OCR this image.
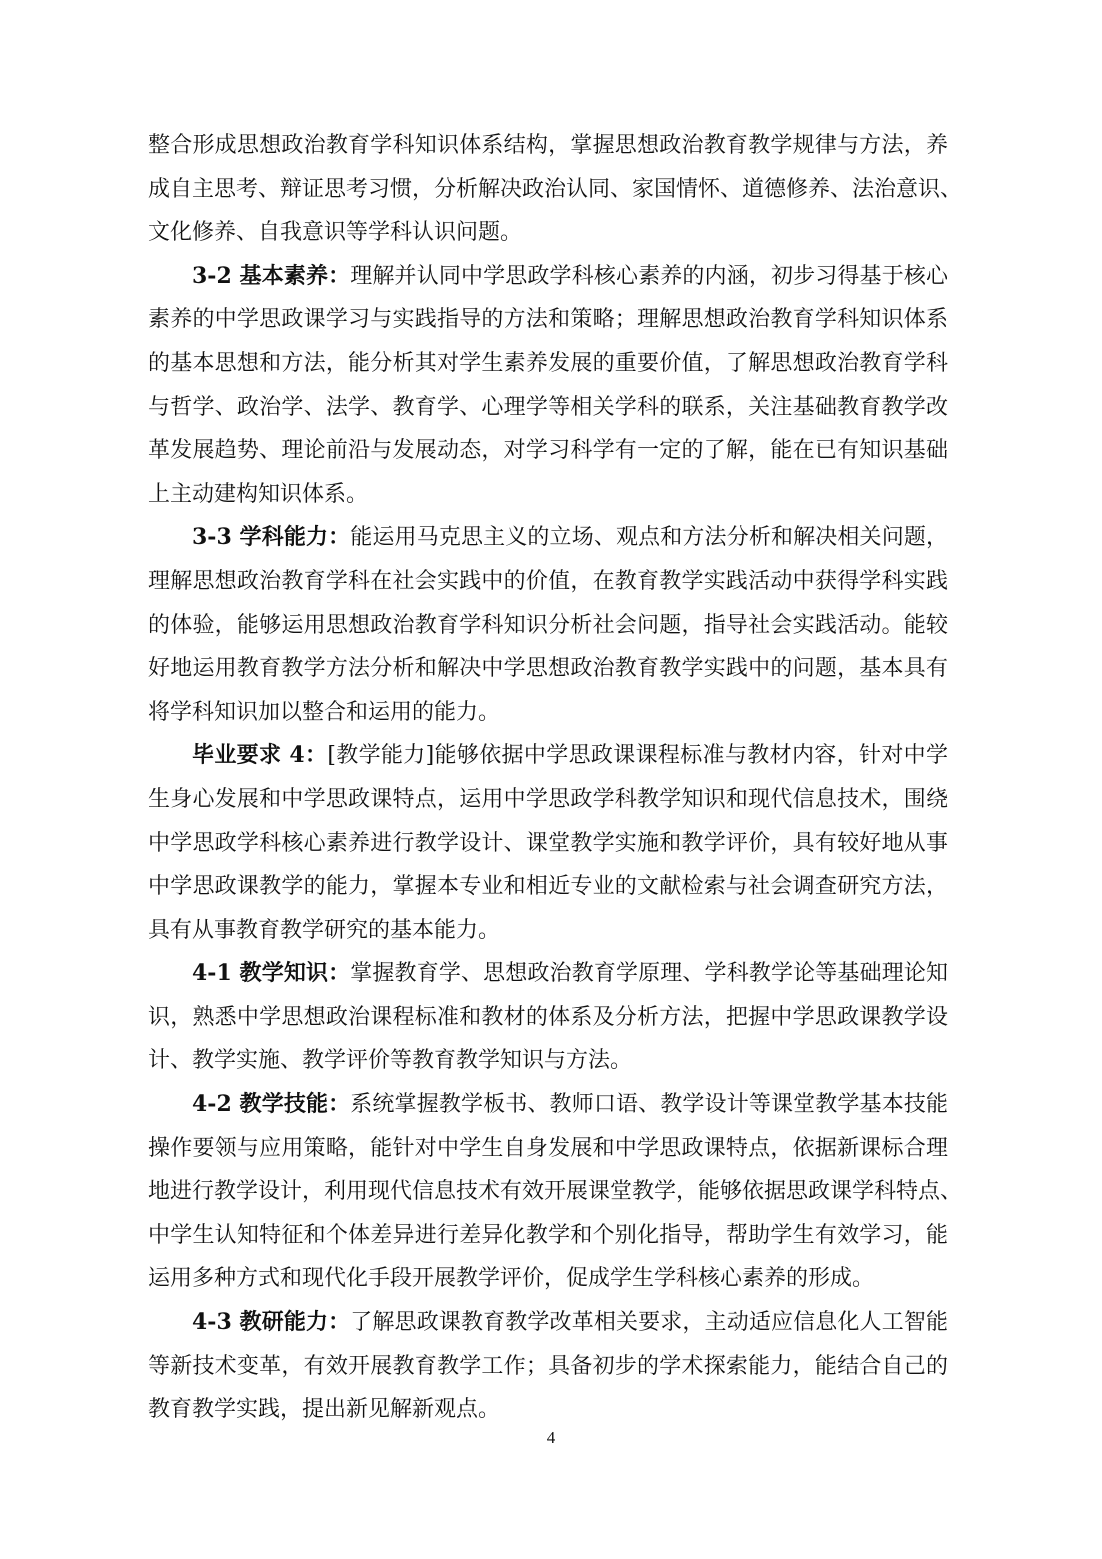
整合形成思想政治教育学科知识体系结构，掌握思想政治教育教学规律与方法，养
成自主思考、辩证思考习惯，分析解决政治认同、家国情怀、道德修养、法治意识、
文化修养、自我意识等学科认识问题。
3-2 基本素养：理解并认同中学思政学科核心素养的内涵，初步习得基于核心
素养的中学思政课学习与实践指导的方法和策略；理解思想政治教育学科知识体系
的基本思想和方法，能分析其对学生素养发展的重要价值，了解思想政治教育学科
与哲学、政治学、法学、教育学、心理学等相关学科的联系，关注基础教育教学改
革发展趋势、理论前沿与发展动态，对学习科学有一定的了解，能在已有知识基础
上主动建构知识体系。
3-3 学科能力：能运用马克思主义的立场、观点和方法分析和解决相关问题，
理解思想政治教育学科在社会实践中的价值，在教育教学实践活动中获得学科实践
的体验，能够运用思想政治教育学科知识分析社会问题，指导社会实践活动。能较
好地运用教育教学方法分析和解决中学思想政治教育教学实践中的问题，基本具有
将学科知识加以整合和运用的能力。
毕业要求 4：[教学能力]能够依据中学思政课课程标准与教材内容，针对中学
生身心发展和中学思政课特点，运用中学思政学科教学知识和现代信息技术，围绕
中学思政学科核心素养进行教学设计、课堂教学实施和教学评价，具有较好地从事
中学思政课教学的能力，掌握本专业和相近专业的文献检索与社会调查研究方法，
具有从事教育教学研究的基本能力。
4-1 教学知识：掌握教育学、思想政治教育学原理、学科教学论等基础理论知
识，熟悉中学思想政治课程标准和教材的体系及分析方法，把握中学思政课教学设
计、教学实施、教学评价等教育教学知识与方法。
4-2 教学技能：系统掌握教学板书、教师口语、教学设计等课堂教学基本技能
操作要领与应用策略，能针对中学生自身发展和中学思政课特点，依据新课标合理
地进行教学设计，利用现代信息技术有效开展课堂教学，能够依据思政课学科特点、
中学生认知特征和个体差异进行差异化教学和个别化指导，帮助学生有效学习，能
运用多种方式和现代化手段开展教学评价，促成学生学科核心素养的形成。
4-3 教研能力：了解思政课教育教学改革相关要求，主动适应信息化人工智能
等新技术变革，有效开展教育教学工作；具备初步的学术探索能力，能结合自己的
教育教学实践，提出新见解新观点。
4
